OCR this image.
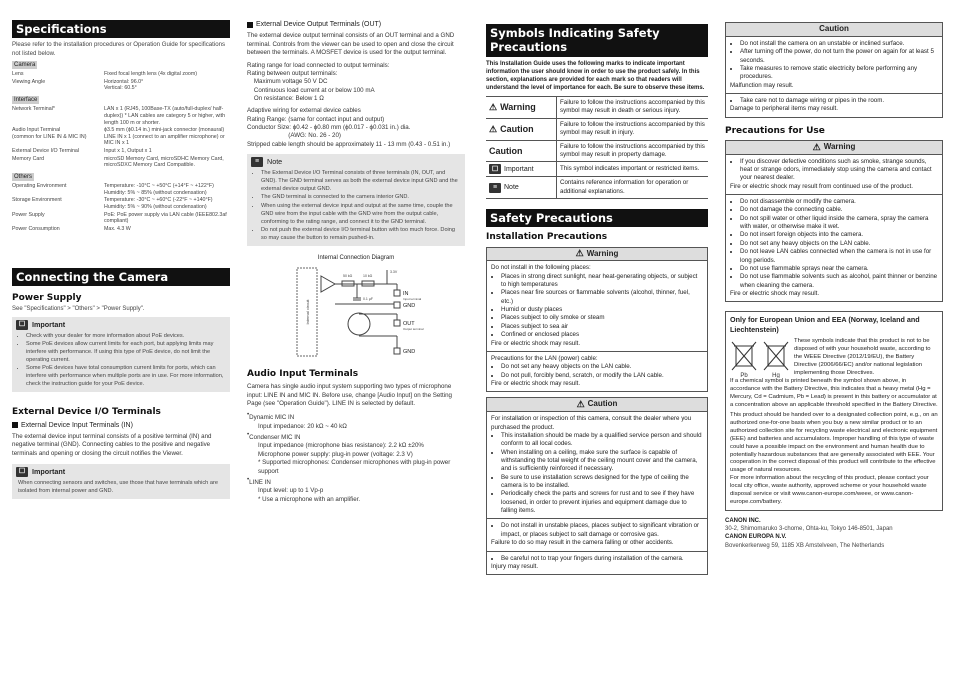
Specifications

Please refer to the installation procedures or Operation Guide for specifications not listed below.

Camera
Lens	Fixed focal length lens (4x digital zoom)
Viewing Angle	Horizontal: 96.0°
Vertical: 60.5°
Interface
Network Terminal*	LAN x 1 (RJ45, 100Base-TX (auto/full-duplex/ half-duplex)) * LAN cables are category 5 or higher, with length 100 m or shorter.
Audio Input Terminal
(common for LINE IN & MIC IN)	ϕ3.5 mm (ϕ0.14 in.) mini-jack connector (monaural)
LINE IN x 1 (connect to an amplifier microphone) or MIC IN x 1
External Device I/O Terminal	Input x 1, Output x 1
Memory Card	microSD Memory Card, microSDHC Memory Card, microSDXC Memory Card Compatible.
Others
Operating Environment	Temperature: -10°C ~ +50°C (+14°F ~ +122°F)
Humidity: 5% ~ 85% (without condensation)
Storage Environment	Temperature: -30°C ~ +60°C (-22°F ~ +140°F)
Humidity: 5% ~ 90% (without condensation)
Power Supply	PoE: PoE power supply via LAN cable (IEEE802.3af compliant)
Power Consumption	Max. 4.3 W
Connecting the Camera
Power Supply

See "Specifications" > "Others" > "Power Supply".

☐ Important
• Check with your dealer for more information about PoE devices.
• Some PoE devices allow current limits for each port, but applying limits may interfere with performance. If using this type of PoE device, do not limit the operating current.
• Some PoE devices have total consumption current limits for ports, which can interfere with performance when multiple ports are in use. For more information, check the instruction guide for your PoE device.
External Device I/O Terminals
External Device Input Terminals (IN)

The external device input terminal consists of a positive terminal (IN) and negative terminal (GND). Connecting cables to the positive and negative terminals and opening or closing the circuit notifies the Viewer.

☐ Important
When connecting sensors and switches, use those that have terminals which are isolated from internal power and GND.
External Device Output Terminals (OUT)

The external device output terminal consists of an OUT terminal and a GND terminal. Controls from the viewer can be used to open and close the circuit between the terminals. A MOSFET device is used for the output terminal.

Rating range for load connected to output terminals:
Rating between output terminals:
Maximum voltage 50 V DC
Continuous load current at or below 100 mA
On resistance: Below 1 Ω
Adaptive wiring for external device cables
Rating Range: (same for contact input and output)
Conductor Size: ϕ0.42 - ϕ0.80 mm (ϕ0.017 - ϕ0.031 in.) dia.
(AWG: No. 26 - 20)
Stripped cable length should be approximately 11 - 13 mm (0.43 - 0.51 in.)
≡	Note
• The External Device I/O Terminal consists of three terminals (IN, OUT, and GND). The GND terminal serves as both the external device input GND and the external device output GND.
• The GND terminal is connected to the camera interior GND.
• When using the external device input and output at the same time, couple the GND wire from the input cable with the GND wire from the output cable, conforming to the rating range, and connect it to the GND terminal.
• Do not push the external device I/O terminal button with too much force. Doing so may cause the button to remain pushed-in.
Internal Connection Diagram
Internal circuit
50 kΩ	10 kΩ
3.3V
0.1 µF
IN
Input terminal
GND
OUT
Output terminal
GND
Audio Input Terminals

Camera has single audio input system supporting two types of microphone input: LINE IN and MIC IN. Before use, change [Audio Input] on the Setting Page (see "Operation Guide"). LINE IN is selected by default.

• Dynamic MIC IN
Input impedance: 20 kΩ ~ 40 kΩ
• Condenser MIC IN
Input impedance (microphone bias resistance): 2.2 kΩ ±20%
Microphone power supply: plug-in power (voltage: 2.3 V)
* Supported microphones: Condenser microphones with plug-in power support
• LINE IN
Input level: up to 1 Vp-p
* Use a microphone with an amplifier.
Symbols Indicating Safety Precautions

This Installation Guide uses the following marks to indicate important information the user should know in order to use the product safely. In this section, explanations are provided for each mark so that readers will understand the level of importance for each. Be sure to observe these items.

⚠ Warning	Failure to follow the instructions accompanied by this symbol may result in death or serious injury.

⚠ Caution	Failure to follow the instructions accompanied by this symbol may result in injury.

Caution	Failure to follow the instructions accompanied by this symbol may result in property damage.

☐ Important	This symbol indicates important or restricted items.

≡ Note	Contains reference information for operation or additional explanations.
Safety Precautions
Installation Precautions
⚠ Warning

Do not install in the following places:

• Places in strong direct sunlight, near heat-generating objects, or subject to high temperatures
• Places near fire sources or flammable solvents (alcohol, thinner, fuel, etc.)
• Humid or dusty places
• Places subject to oily smoke or steam
• Places subject to sea air
• Confined or enclosed places

Fire or electric shock may result.

Precautions for the LAN (power) cable:

• Do not set any heavy objects on the LAN cable.
• Do not pull, forcibly bend, scratch, or modify the LAN cable.

Fire or electric shock may result.

⚠ Caution

For installation or inspection of this camera, consult the dealer where you purchased the product.

• This installation should be made by a qualified service person and should conform to all local codes.
• When installing on a ceiling, make sure the surface is capable of withstanding the total weight of the ceiling mount cover and the camera, and is sufficiently reinforced if necessary.
• Be sure to use installation screws designed for the type of ceiling the camera is to be installed.
• Periodically check the parts and screws for rust and to see if they have loosened, in order to prevent injuries and equipment damage due to falling items.
• Do not install in unstable places, places subject to significant vibration or impact, or places subject to salt damage or corrosive gas.

Failure to do so may result in the camera falling or other accidents.

• Be careful not to trap your fingers during installation of the camera.

Injury may result.

Caution
• Do not install the camera on an unstable or inclined surface.
• After turning off the power, do not turn the power on again for at least 5 seconds.
• Take measures to remove static electricity before performing any procedures.

Malfunction may result.

• Take care not to damage wiring or pipes in the room.

Damage to peripheral items may result.

Precautions for Use
⚠ Warning
• If you discover defective conditions such as smoke, strange sounds, heat or strange odors, immediately stop using the camera and contact your nearest dealer.

Fire or electric shock may result from continued use of the product.

• Do not disassemble or modify the camera.
• Do not damage the connecting cable.
• Do not spill water or other liquid inside the camera, spray the camera with water, or otherwise make it wet.
• Do not insert foreign objects into the camera.
• Do not set any heavy objects on the LAN cable.
• Do not leave LAN cables connected when the camera is not in use for long periods.
• Do not use flammable sprays near the camera.
• Do not use flammable solvents such as alcohol, paint thinner or benzine when cleaning the camera.

Fire or electric shock may result.

Only for European Union and EEA (Norway, Iceland and Liechtenstein)
Pb	Hg

These symbols indicate that this product is not to be disposed of with your household waste, according to the WEEE Directive (2012/19/EU), the Battery Directive (2006/66/EC) and/or national legislation implementing those Directives.

If a chemical symbol is printed beneath the symbol shown above, in accordance with the Battery Directive, this indicates that a heavy metal (Hg = Mercury, Cd = Cadmium, Pb = Lead) is present in this battery or accumulator at a concentration above an applicable threshold specified in the Battery Directive.

This product should be handed over to a designated collection point, e.g., on an authorized one-for-one basis when you buy a new similar product or to an authorized collection site for recycling waste electrical and electronic equipment (EEE) and batteries and accumulators. Improper handling of this type of waste could have a possible impact on the environment and human health due to potentially hazardous substances that are generally associated with EEE. Your cooperation in the correct disposal of this product will contribute to the effective usage of natural resources.

For more information about the recycling of this product, please contact your local city office, waste authority, approved scheme or your household waste disposal service or visit www.canon-europe.com/weee, or www.canon-europe.com/battery.

CANON INC.
30-2, Shimomaruko 3-chome, Ohta-ku, Tokyo 146-8501, Japan
CANON EUROPA N.V.
Bovenkerkerweg 59, 1185 XB Amstelveen, The Netherlands
